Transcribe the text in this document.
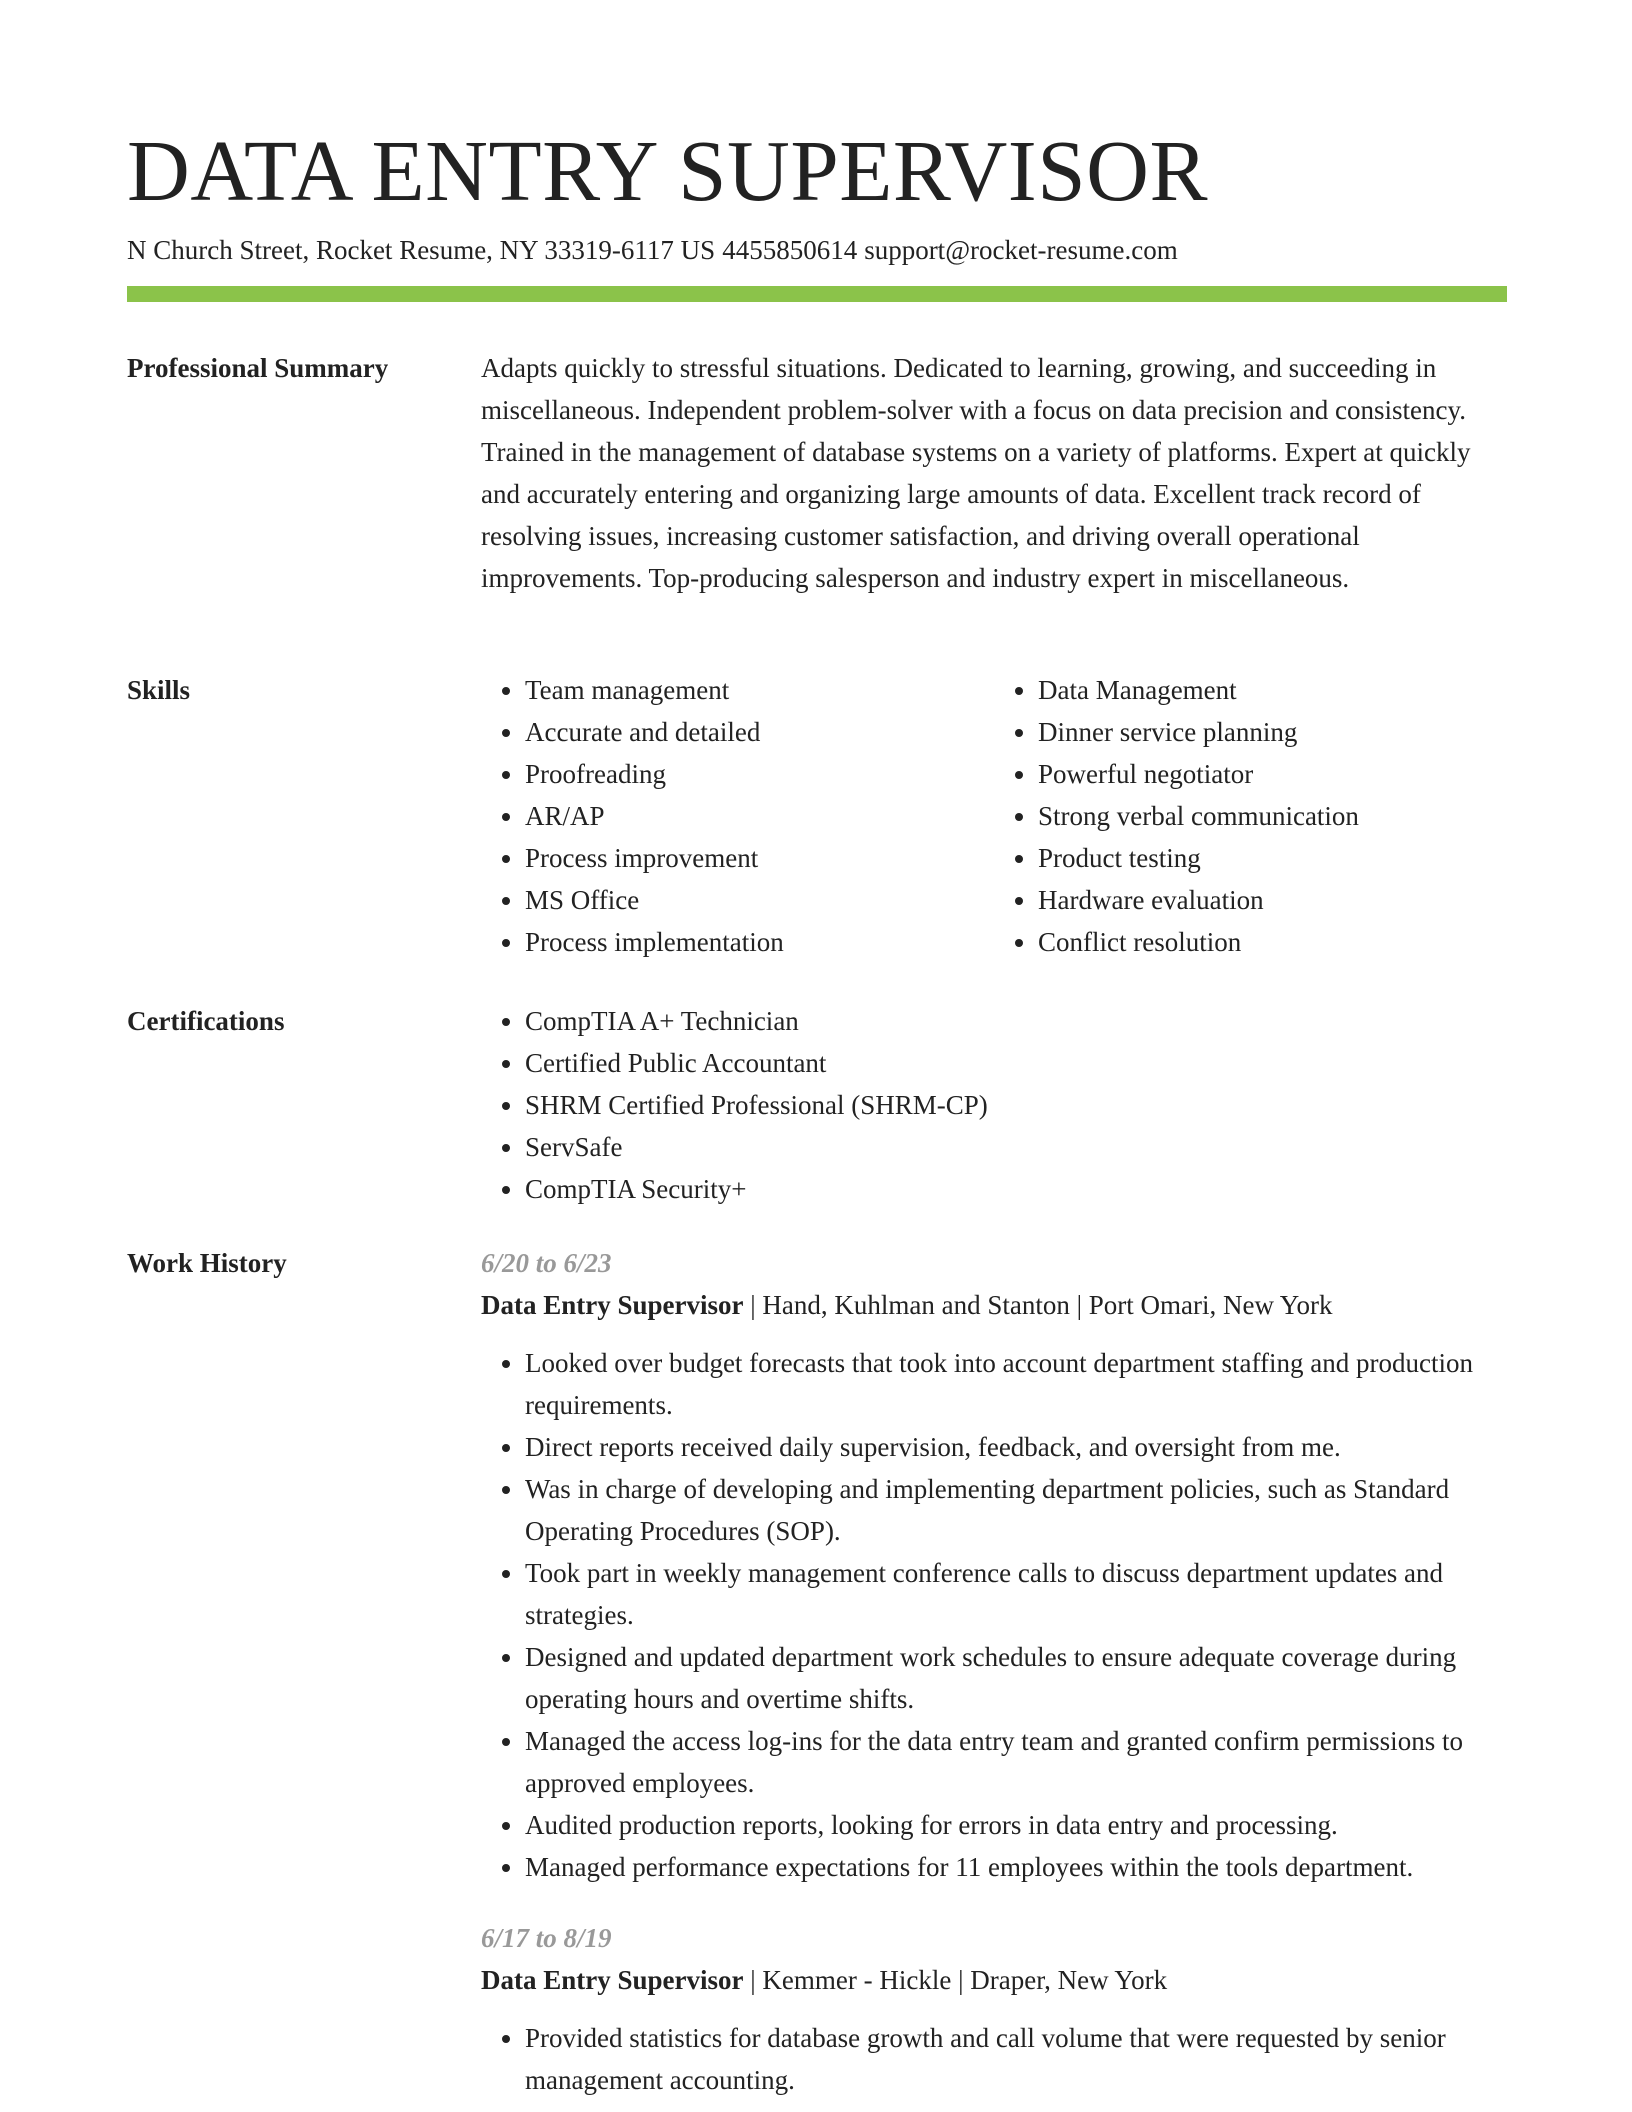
DATA ENTRY SUPERVISOR
N Church Street, Rocket Resume, NY 33319-6117 US 4455850614 support@rocket-resume.com
Professional Summary	Adapts quickly to stressful situations. Dedicated to learning, growing, and succeeding in miscellaneous. Independent problem-solver with a focus on data precision and consistency. Trained in the management of database systems on a variety of platforms. Expert at quickly and accurately entering and organizing large amounts of data. Excellent track record of resolving issues, increasing customer satisfaction, and driving overall operational improvements. Top-producing salesperson and industry expert in miscellaneous.

Skills	• Team management
• Accurate and detailed
• Proofreading
• AR/AP
• Process improvement
• MS Office
• Process implementation
• Data Management
• Dinner service planning
• Powerful negotiator
• Strong verbal communication
• Product testing
• Hardware evaluation
• Conflict resolution
Certifications	• CompTIA A+ Technician
• Certified Public Accountant
• SHRM Certified Professional (SHRM-CP)
• ServSafe
• CompTIA Security+
Work History	6/20 to 6/23
Data Entry Supervisor | Hand, Kuhlman and Stanton | Port Omari, New York
• Looked over budget forecasts that took into account department staffing and production requirements.
• Direct reports received daily supervision, feedback, and oversight from me.
• Was in charge of developing and implementing department policies, such as Standard Operating Procedures (SOP).
• Took part in weekly management conference calls to discuss department updates and strategies.
• Designed and updated department work schedules to ensure adequate coverage during operating hours and overtime shifts.
• Managed the access log-ins for the data entry team and granted confirm permissions to approved employees.
• Audited production reports, looking for errors in data entry and processing.
• Managed performance expectations for 11 employees within the tools department.
6/17 to 8/19
Data Entry Supervisor | Kemmer - Hickle | Draper, New York
• Provided statistics for database growth and call volume that were requested by senior management accounting.
